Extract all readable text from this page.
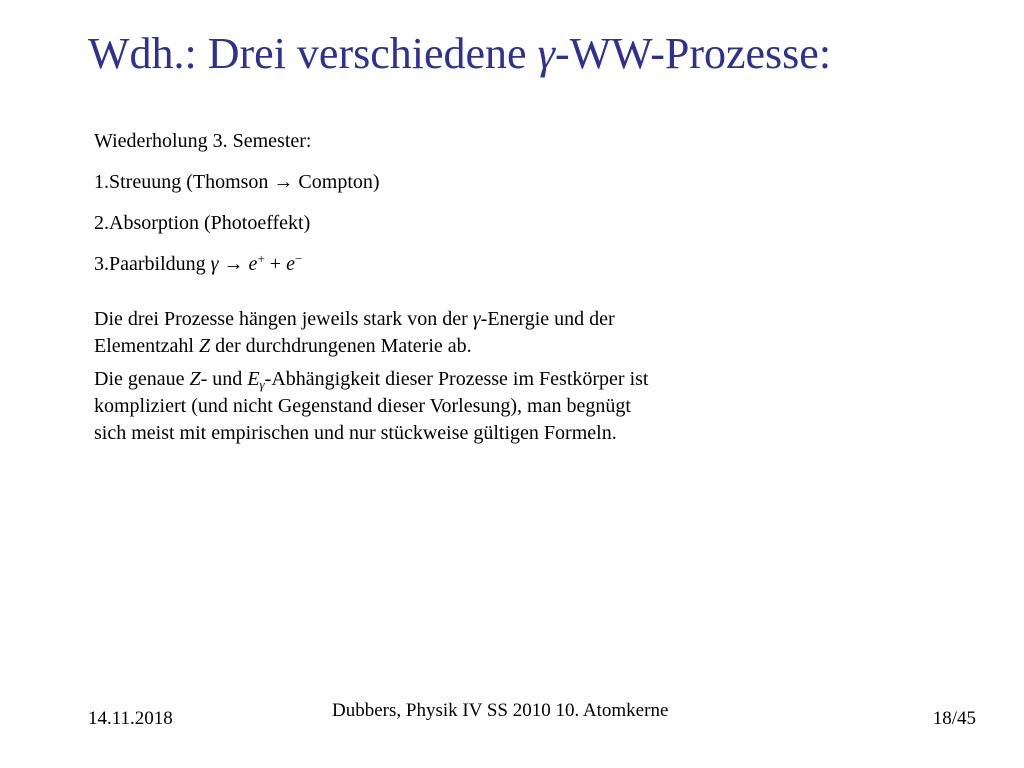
Wdh.: Drei verschiedene γ-WW-Prozesse:
Wiederholung 3. Semester:
1.Streuung (Thomson → Compton)
2.Absorption (Photoeffekt)
3.Paarbildung γ → e+ + e−
Die drei Prozesse hängen jeweils stark von der γ-Energie und der
Elementzahl Z der durchdrungenen Materie ab.
Die genaue Z- und $E_\gamma$-Abhängigkeit dieser Prozesse im Festkörper ist
kompliziert (und nicht Gegenstand dieser Vorlesung), man begnügt
sich meist mit empirischen und nur stückweise gültigen Formeln.
14.11.2018	Dubbers, Physik IV SS 2010 10. Atomkerne	18/45
